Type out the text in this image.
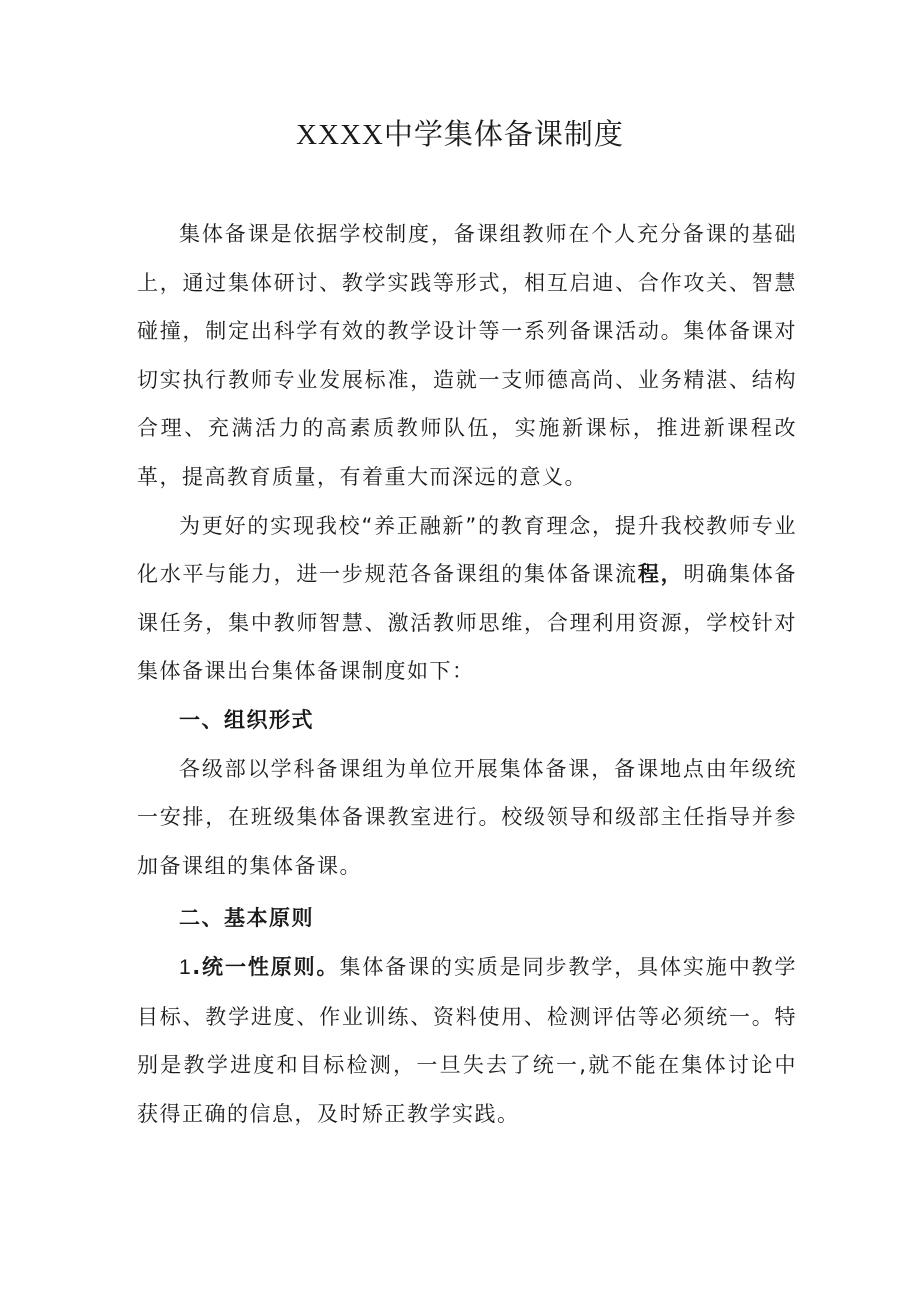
XXXX中学集体备课制度

集体备课是依据学校制度，备课组教师在个人充分备课的基础上，通过集体研讨、教学实践等形式，相互启迪、合作攻关、智慧碰撞，制定出科学有效的教学设计等一系列备课活动。集体备课对切实执行教师专业发展标准，造就一支师德高尚、业务精湛、结构合理、充满活力的高素质教师队伍，实施新课标，推进新课程改革，提高教育质量，有着重大而深远的意义。

为更好的实现我校“养正融新”的教育理念，提升我校教师专业化水平与能力，进一步规范各备课组的集体备课流程，明确集体备课任务，集中教师智慧、激活教师思维，合理利用资源，学校针对集体备课出台集体备课制度如下：

一、组织形式

各级部以学科备课组为单位开展集体备课，备课地点由年级统一安排，在班级集体备课教室进行。校级领导和级部主任指导并参加备课组的集体备课。

二、基本原则

1.统一性原则。集体备课的实质是同步教学，具体实施中教学目标、教学进度、作业训练、资料使用、检测评估等必须统一。特别是教学进度和目标检测，一旦失去了统一,就不能在集体讨论中获得正确的信息，及时矫正教学实践。
